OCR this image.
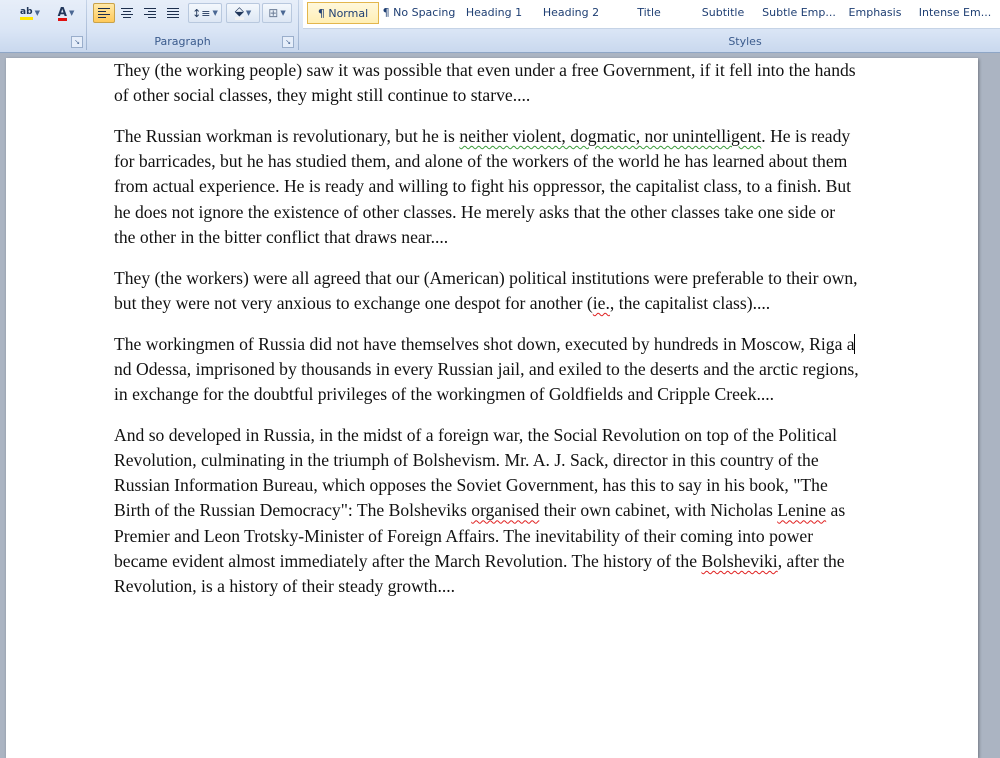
ab ▼ A ▼
↘
↕≡ ▼ ⬙ ▼ ⊞ ▼
Paragraph	↘
¶ Normal	¶ No Spacing Heading 1	Heading 2	Title	Subtitle	Subtle Emp...	Emphasis	Intense Em...
Styles

They (the working people) saw it was possible that even under a free Government, if it fell into the hands of other social classes, they might still continue to starve....

The Russian workman is revolutionary, but he is neither violent, dogmatic, nor unintelligent. He is ready for barricades, but he has studied them, and alone of the workers of the world he has learned about them from actual experience. He is ready and willing to fight his oppressor, the capitalist class, to a finish. But he does not ignore the existence of other classes. He merely asks that the other classes take one side or the other in the bitter conflict that draws near....

They (the workers) were all agreed that our (American) political institutions were preferable to their own, but they were not very anxious to exchange one despot for another (ie., the capitalist class)....

The workingmen of Russia did not have themselves shot down, executed by hundreds in Moscow, Riga and Odessa, imprisoned by thousands in every Russian jail, and exiled to the deserts and the arctic regions, in exchange for the doubtful privileges of the workingmen of Goldfields and Cripple Creek....

And so developed in Russia, in the midst of a foreign war, the Social Revolution on top of the Political Revolution, culminating in the triumph of Bolshevism. Mr. A. J. Sack, director in this country of the Russian Information Bureau, which opposes the Soviet Government, has this to say in his book, "The Birth of the Russian Democracy": The Bolsheviks organised their own cabinet, with Nicholas Lenine as Premier and Leon Trotsky-Minister of Foreign Affairs. The inevitability of their coming into power became evident almost immediately after the March Revolution. The history of the Bolsheviki, after the Revolution, is a history of their steady growth....
